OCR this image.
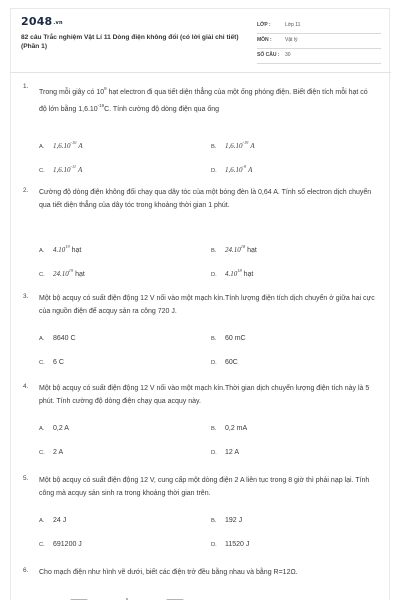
2048.vn
82 câu Trắc nghiệm Vật Lí 11 Dòng điện không đổi (có lời giải chi tiết) (Phần 1)
LỚP :	Lớp 11
MÔN :	Vật lý
SỐ CÂU : 30
1.
Trong mỗi giây có $10^9$ hạt electron đi qua tiết diện thẳng của một ống phóng điện. Biết điện tích mỗi hạt có độ lớn bằng $1,6.10^{-19}C$. Tính cường độ dòng điện qua ống
A. $1,6.10^{-10}$ A	B. $1,6.10^{-19}$ A
C. $1,6.10^{-11}$ A	D. $1,6.10^{-9}$ A
2. Cường độ dòng điện không đổi chạy qua dây tóc của một bóng đèn là 0,64 A. Tính số electron dịch chuyển qua tiết diện thẳng của dây tóc trong khoảng thời gian 1 phút.
A. 4.10$^{19}$ hạt	B. 24.10$^{18}$ hạt
C. 24.10$^{19}$ hạt	D. 4.10$^{18}$ hạt
3. Một bộ acquy có suất điện động 12 V nối vào một mạch kín.Tính lượng điện tích dịch chuyển ở giữa hai cực của nguồn điện để acquy sản ra công 720 J.
A. 8640 C	B. 60 mC
C. 6 C	D. 60C
4. Một bộ acquy có suất điện động 12 V nối vào một mạch kín.Thời gian dịch chuyển lượng điện tích này là 5 phút. Tính cường độ dòng điện chạy qua acquy này.
A. 0,2 A	B. 0,2 mA
C. 2 A	D. 12 A
5. Một bộ acquy có suất điện động 12 V, cung cấp một dòng điện 2 A liên tục trong 8 giờ thì phải nạp lại. Tính công mà acquy sản sinh ra trong khoảng thời gian trên.
A. 24 J	B. 192 J
C. 691200 J	D. 11520 J
6. Cho mạch điện như hình vẽ dưới, biết các điện trở đều bằng nhau và bằng R=12Ω.
